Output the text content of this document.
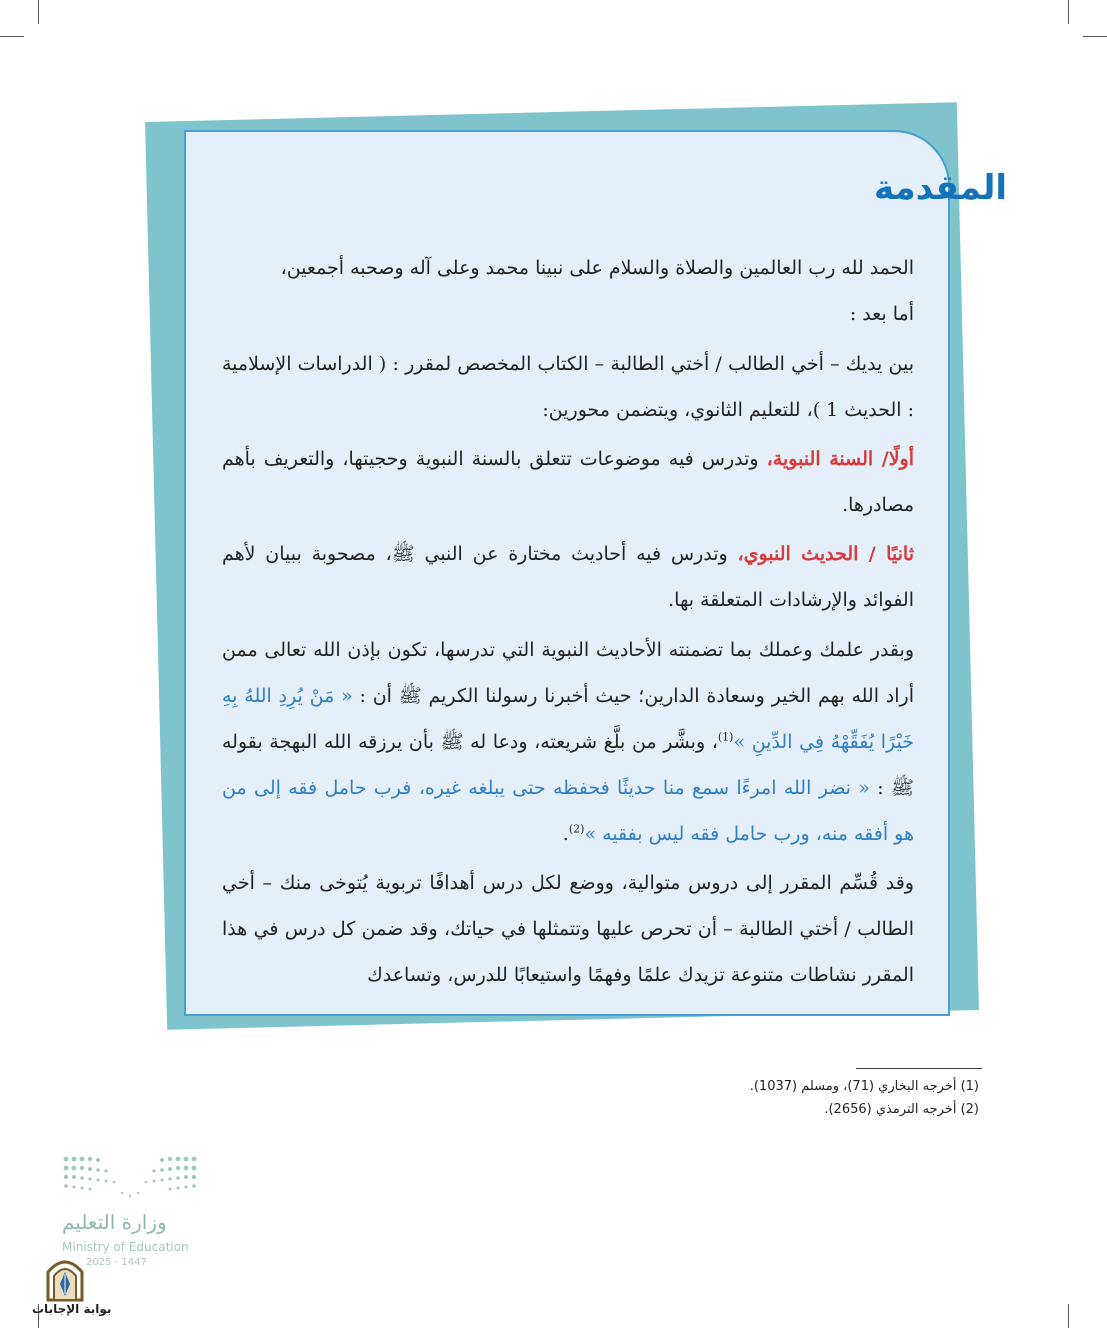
المقدمة
الحمد لله رب العالمين والصلاة والسلام على نبينا محمد وعلى آله وصحبه أجمعين،
أما بعد :
بين يديك – أخي الطالب / أختي الطالبة – الكتاب المخصص لمقرر : ( الدراسات الإسلامية : الحديث 1 )، للتعليم الثانوي، ويتضمن محورين:
أولًا/ السنة النبوية، وتدرس فيه موضوعات تتعلق بالسنة النبوية وحجيتها، والتعريف بأهم مصادرها.
ثانيًا / الحديث النبوي، وتدرس فيه أحاديث مختارة عن النبي ﷺ، مصحوبة ببيان لأهم الفوائد والإرشادات المتعلقة بها.
وبقدر علمك وعملك بما تضمنته الأحاديث النبوية التي تدرسها، تكون بإذن الله تعالى ممن أراد الله بهم الخير وسعادة الدارين؛ حيث أخبرنا رسولنا الكريم ﷺ أن : « مَنْ يُرِدِ اللهُ بِهِ خَيْرًا يُفَقِّهْهُ فِي الدِّينِ »$^{(1)}$، وبشَّر من بلَّغ شريعته، ودعا له ﷺ بأن يرزقه الله البهجة بقوله ﷺ : « نضر الله امرءًا سمع منا حديثًا فحفظه حتى يبلغه غيره، فرب حامل فقه إلى من هو أفقه منه، ورب حامل فقه ليس بفقيه »$^{(2)}$.
وقد قُسِّم المقرر إلى دروس متوالية، ووضع لكل درس أهدافًا تربوية يُتوخى منك – أخي الطالب / أختي الطالبة – أن تحرص عليها وتتمثلها في حياتك، وقد ضمن كل درس في هذا المقرر نشاطات متنوعة تزيدك علمًا وفهمًا واستيعابًا للدرس، وتساعدك
(1) أخرجه البخاري (71)، ومسلم (1037).
(2) أخرجه الترمذي (2656).
وزارة التعليم
Ministry of Education
2025 - 1447
بوابة الإجابات
